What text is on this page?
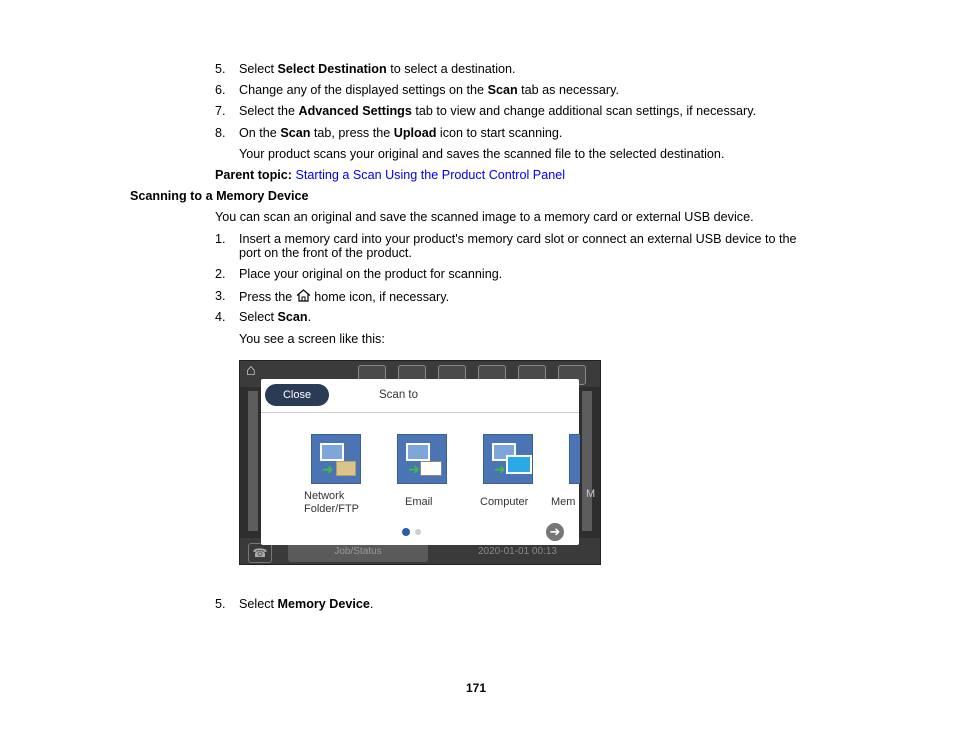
5. Select Select Destination to select a destination.
6. Change any of the displayed settings on the Scan tab as necessary.
7. Select the Advanced Settings tab to view and change additional scan settings, if necessary.
8. On the Scan tab, press the Upload icon to start scanning.
Your product scans your original and saves the scanned file to the selected destination.
Parent topic: Starting a Scan Using the Product Control Panel
Scanning to a Memory Device
You can scan an original and save the scanned image to a memory card or external USB device.
1. Insert a memory card into your product's memory card slot or connect an external USB device to the
port on the front of the product.
2. Place your original on the product for scanning.
3. Press the home icon, if necessary.
4. Select Scan.
You see a screen like this:
⌂
M
☎	Job/Status	2020-01-01 00:13
Close	Scan to
➜
Network
Folder/FTP
➜
Email
➜
Computer Mem
➜
5. Select Memory Device.
171
